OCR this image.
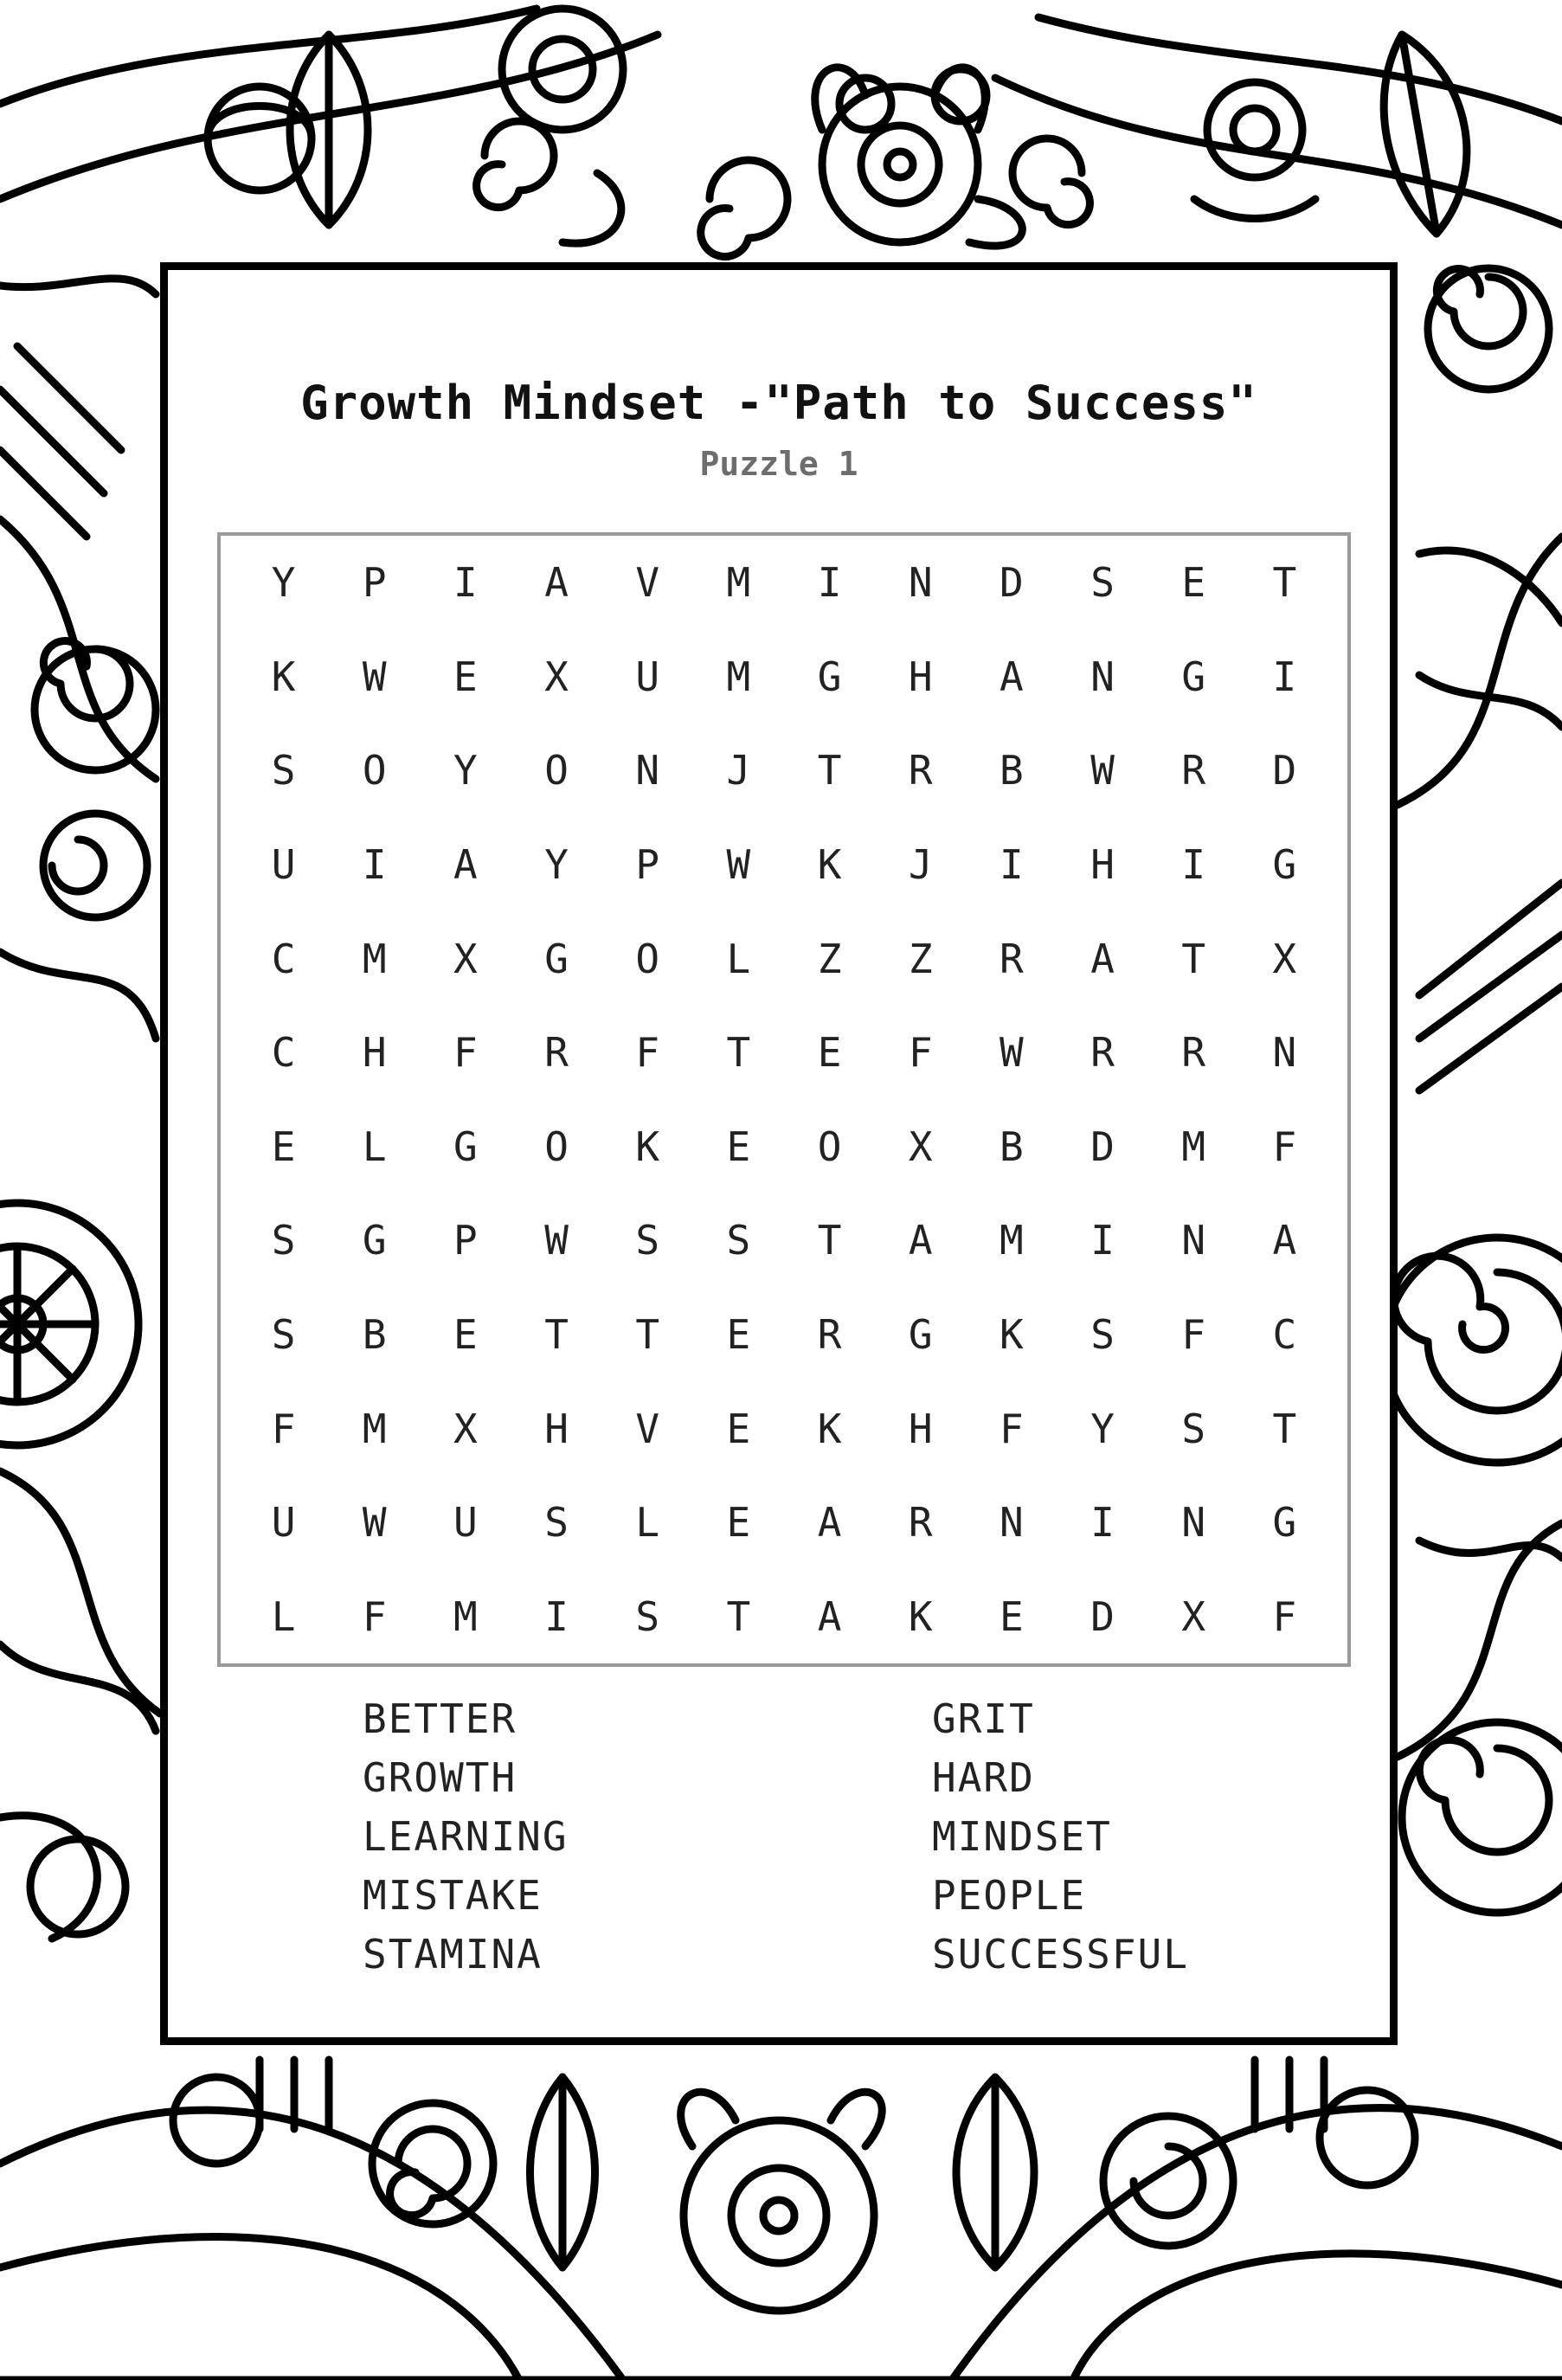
Growth Mindset -"Path to Success"
Puzzle 1
Y	P	I	A	V	M	I	N	D	S	E	T
K	W	E	X	U	M	G	H	A	N	G	I
S	O	Y	O	N	J	T	R	B	W	R	D
U	I	A	Y	P	W	K	J	I	H	I	G
C	M	X	G	O	L	Z	Z	R	A	T	X
C	H	F	R	F	T	E	F	W	R	R	N
E	L	G	O	K	E	O	X	B	D	M	F
S	G	P	W	S	S	T	A	M	I	N	A
S	B	E	T	T	E	R	G	K	S	F	C
F	M	X	H	V	E	K	H	F	Y	S	T
U	W	U	S	L	E	A	R	N	I	N	G
L	F	M	I	S	T	A	K	E	D	X	F
BETTER
GROWTH
LEARNING
MISTAKE
STAMINA
GRIT
HARD
MINDSET
PEOPLE
SUCCESSFUL
